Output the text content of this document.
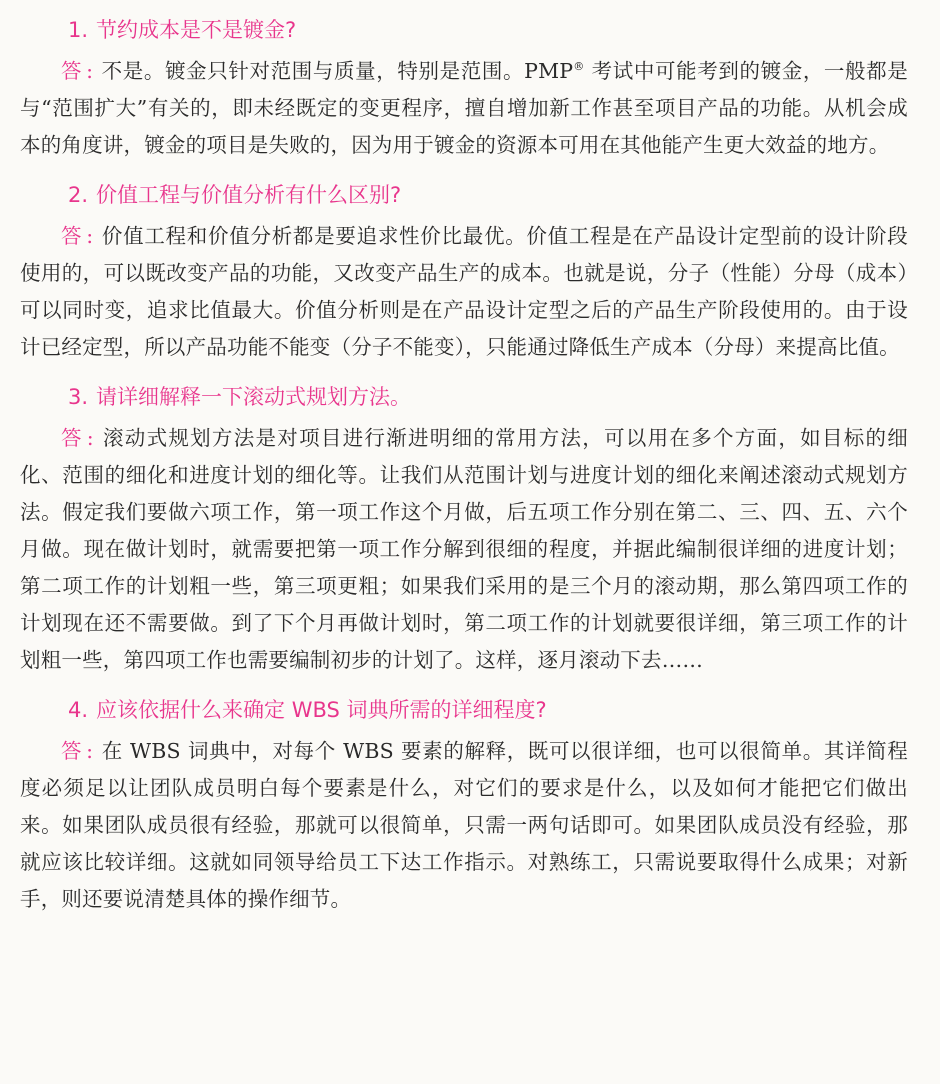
1. 节约成本是不是镀金?

答 : 不是。镀金只针对范围与质量，特别是范围。PMP® 考试中可能考到的镀金，一般都是与“范围扩大”有关的，即未经既定的变更程序，擅自增加新工作甚至项目产品的功能。从机会成本的角度讲，镀金的项目是失败的，因为用于镀金的资源本可用在其他能产生更大效益的地方。

2. 价值工程与价值分析有什么区别?

答 : 价值工程和价值分析都是要追求性价比最优。价值工程是在产品设计定型前的设计阶段使用的，可以既改变产品的功能，又改变产品生产的成本。也就是说，分子（性能）分母（成本）可以同时变，追求比值最大。价值分析则是在产品设计定型之后的产品生产阶段使用的。由于设计已经定型，所以产品功能不能变（分子不能变），只能通过降低生产成本（分母）来提高比值。

3. 请详细解释一下滚动式规划方法。

答 : 滚动式规划方法是对项目进行渐进明细的常用方法，可以用在多个方面，如目标的细化、范围的细化和进度计划的细化等。让我们从范围计划与进度计划的细化来阐述滚动式规划方法。假定我们要做六项工作，第一项工作这个月做，后五项工作分别在第二、三、四、五、六个月做。现在做计划时，就需要把第一项工作分解到很细的程度，并据此编制很详细的进度计划；第二项工作的计划粗一些，第三项更粗；如果我们采用的是三个月的滚动期，那么第四项工作的计划现在还不需要做。到了下个月再做计划时，第二项工作的计划就要很详细，第三项工作的计划粗一些，第四项工作也需要编制初步的计划了。这样，逐月滚动下去……

4. 应该依据什么来确定 WBS 词典所需的详细程度?

答 : 在 WBS 词典中，对每个 WBS 要素的解释，既可以很详细，也可以很简单。其详简程度必须足以让团队成员明白每个要素是什么，对它们的要求是什么，以及如何才能把它们做出来。如果团队成员很有经验，那就可以很简单，只需一两句话即可。如果团队成员没有经验，那就应该比较详细。这就如同领导给员工下达工作指示。对熟练工，只需说要取得什么成果；对新手，则还要说清楚具体的操作细节。
